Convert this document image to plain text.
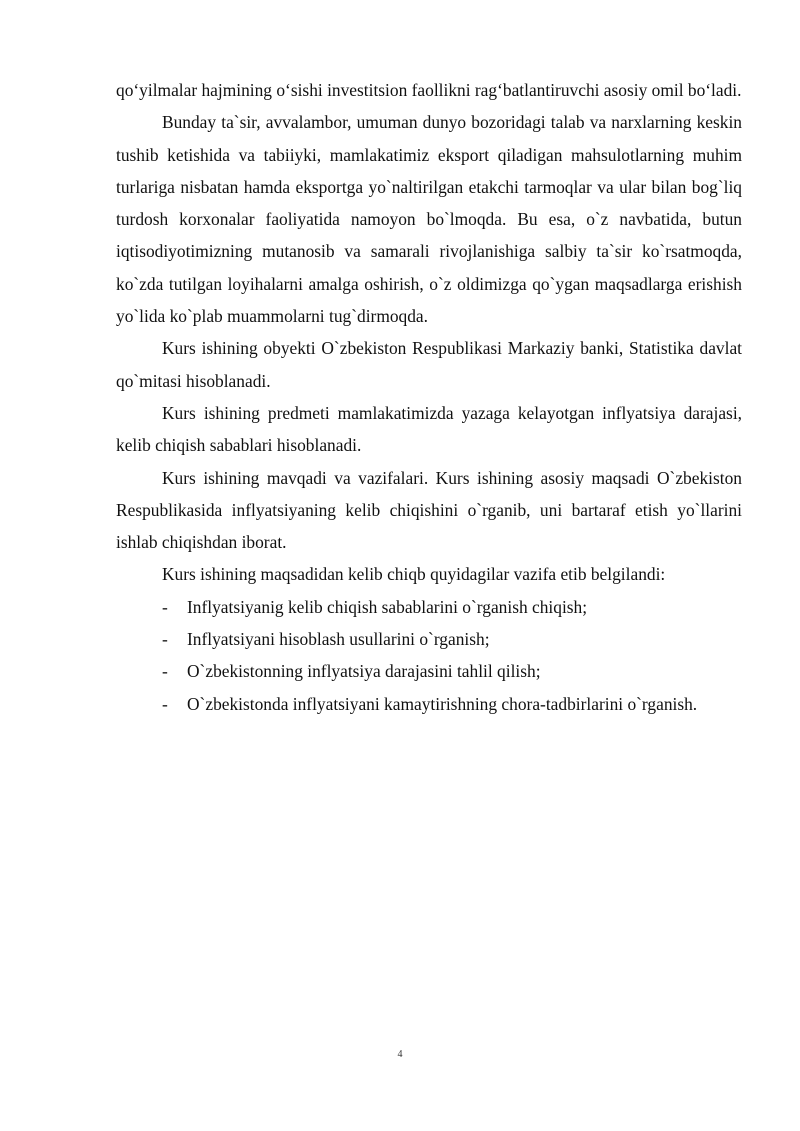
qo‘yilmalar hajmining o‘sishi investitsion faollikni rag‘batlantiruvchi asosiy omil bo‘ladi.

Bunday ta`sir, avvalambor, umuman dunyo bozoridagi talab va narxlarning keskin tushib ketishida va tabiiyki, mamlakatimiz eksport qiladigan mahsulotlarning muhim turlariga nisbatan hamda eksportga yo`naltirilgan etakchi tarmoqlar va ular bilan bog`liq turdosh korxonalar faoliyatida namoyon bo`lmoqda. Bu esa, o`z navbatida, butun iqtisodiyotimizning mutanosib va samarali rivojlanishiga salbiy ta`sir ko`rsatmoqda, ko`zda tutilgan loyihalarni amalga oshirish, o`z oldimizga qo`ygan maqsadlarga erishish yo`lida ko`plab muammolarni tug`dirmoqda.

Kurs ishining obyekti O`zbekiston Respublikasi Markaziy banki, Statistika davlat qo`mitasi hisoblanadi.

Kurs ishining predmeti mamlakatimizda yazaga kelayotgan inflyatsiya darajasi, kelib chiqish sabablari hisoblanadi.

Kurs ishining mavqadi va vazifalari. Kurs ishining asosiy maqsadi O`zbekiston Respublikasida inflyatsiyaning kelib chiqishini o`rganib, uni bartaraf etish yo`llarini ishlab chiqishdan iborat.

Kurs ishining maqsadidan kelib chiqb quyidagilar vazifa etib belgilandi:

- Inflyatsiyanig kelib chiqish sabablarini o`rganish chiqish;
- Inflyatsiyani hisoblash usullarini o`rganish;
- O`zbekistonning inflyatsiya darajasini tahlil qilish;
- O`zbekistonda inflyatsiyani kamaytirishning chora-tadbirlarini o`rganish.
4
